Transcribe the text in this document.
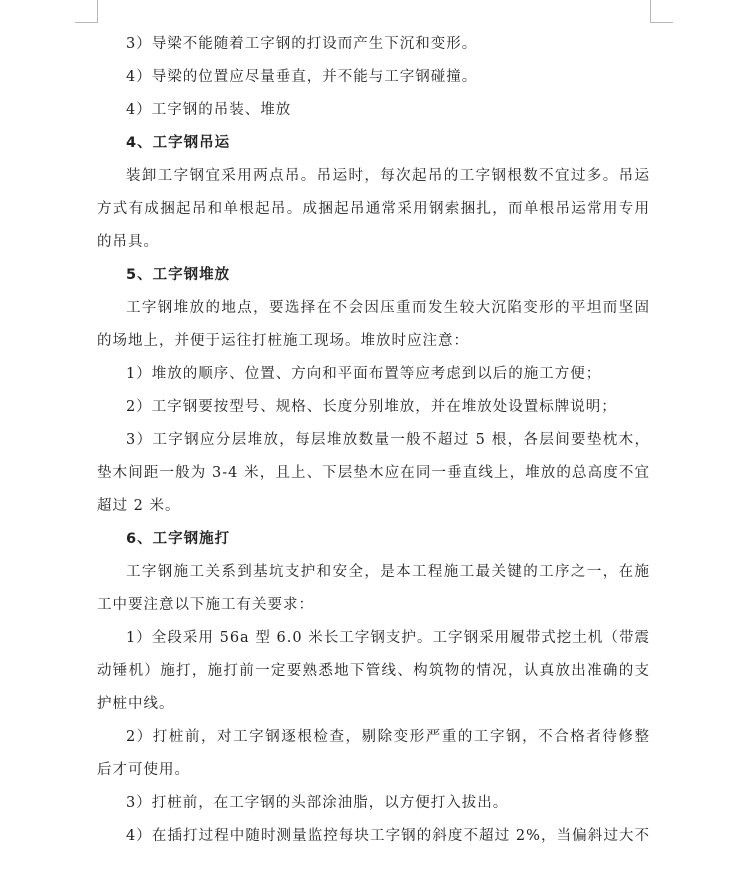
3）导梁不能随着工字钢的打设而产生下沉和变形。
4）导梁的位置应尽量垂直，并不能与工字钢碰撞。
4）工字钢的吊装、堆放
4、工字钢吊运
装卸工字钢宜采用两点吊。吊运时，每次起吊的工字钢根数不宜过多。吊运
方式有成捆起吊和单根起吊。成捆起吊通常采用钢索捆扎，而单根吊运常用专用
的吊具。
5、工字钢堆放
工字钢堆放的地点，要选择在不会因压重而发生较大沉陷变形的平坦而坚固
的场地上，并便于运往打桩施工现场。堆放时应注意：
1）堆放的顺序、位置、方向和平面布置等应考虑到以后的施工方便；
2）工字钢要按型号、规格、长度分别堆放，并在堆放处设置标牌说明；
3）工字钢应分层堆放，每层堆放数量一般不超过 5 根，各层间要垫枕木，
垫木间距一般为 3-4 米，且上、下层垫木应在同一垂直线上，堆放的总高度不宜
超过 2 米。
6、工字钢施打
工字钢施工关系到基坑支护和安全，是本工程施工最关键的工序之一，在施
工中要注意以下施工有关要求：
1）全段采用 56a 型 6.0 米长工字钢支护。工字钢采用履带式挖土机（带震
动锤机）施打，施打前一定要熟悉地下管线、构筑物的情况，认真放出准确的支
护桩中线。
2）打桩前，对工字钢逐根检查，剔除变形严重的工字钢，不合格者待修整
后才可使用。
3）打桩前，在工字钢的头部涂油脂，以方便打入拔出。
4）在插打过程中随时测量监控每块工字钢的斜度不超过 2%，当偏斜过大不
